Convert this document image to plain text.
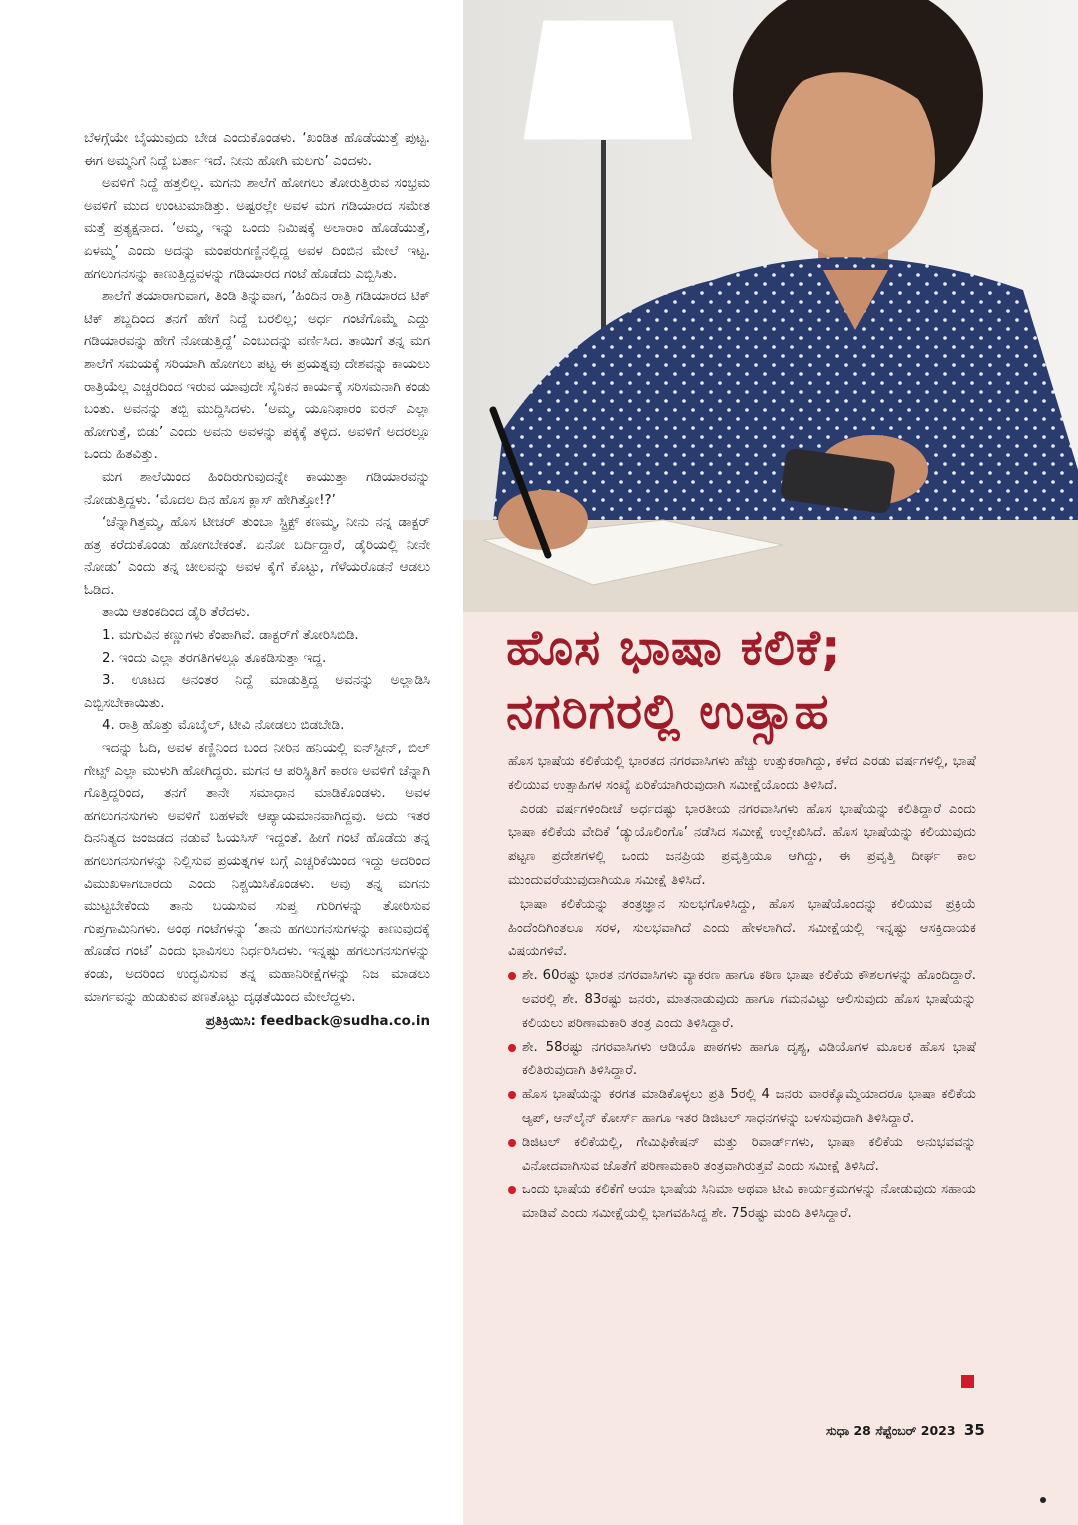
ಬೆಳಗ್ಗೆಯೇ ಬೈಯುವುದು ಬೇಡ ಎಂದುಕೊಂಡಳು. ‘ಖಂಡಿತ ಹೊಡೆಯುತ್ತೆ ಪುಟ್ಟ. ಈಗ ಅಮ್ಮನಿಗೆ ನಿದ್ದೆ ಬರ್ತಾ ಇದೆ. ನೀನು ಹೋಗಿ ಮಲಗು’ ಎಂದಳು.

ಅವಳಿಗೆ ನಿದ್ದೆ ಹತ್ತಲಿಲ್ಲ. ಮಗನು ಶಾಲೆಗೆ ಹೋಗಲು ತೋರುತ್ತಿರುವ ಸಂಭ್ರಮ ಅವಳಿಗೆ ಮುದ ಉಂಟುಮಾಡಿತ್ತು. ಅಷ್ಟರಲ್ಲೇ ಅವಳ ಮಗ ಗಡಿಯಾರದ ಸಮೇತ ಮತ್ತೆ ಪ್ರತ್ಯಕ್ಷನಾದ. ‘ಅಮ್ಮ, ಇನ್ನು ಒಂದು ನಿಮಿಷಕ್ಕೆ ಅಲಾರಾಂ ಹೊಡೆಯುತ್ತೆ, ಏಳಮ್ಮ’ ಎಂದು ಅದನ್ನು ಮಂಪರುಗಣ್ಣಿನಲ್ಲಿದ್ದ ಅವಳ ದಿಂಬಿನ ಮೇಲೆ ಇಟ್ಟ. ಹಗಲುಗನಸನ್ನು ಕಾಣುತ್ತಿದ್ದವಳನ್ನು ಗಡಿಯಾರದ ಗಂಟೆ ಹೊಡೆದು ಎಬ್ಬಿಸಿತು.

ಶಾಲೆಗೆ ತಯಾರಾಗುವಾಗ, ತಿಂಡಿ ತಿನ್ನುವಾಗ, ‘ಹಿಂದಿನ ರಾತ್ರಿ ಗಡಿಯಾರದ ಟಿಕ್ ಟಿಕ್ ಶಬ್ದದಿಂದ ತನಗೆ ಹೇಗೆ ನಿದ್ದೆ ಬರಲಿಲ್ಲ; ಅರ್ಧ ಗಂಟೆಗೊಮ್ಮೆ ಎದ್ದು ಗಡಿಯಾರವನ್ನು ಹೇಗೆ ನೋಡುತ್ತಿದ್ದೆ’ ಎಂಬುದನ್ನು ವರ್ಣಿಸಿದ. ತಾಯಿಗೆ ತನ್ನ ಮಗ ಶಾಲೆಗೆ ಸಮಯಕ್ಕೆ ಸರಿಯಾಗಿ ಹೋಗಲು ಪಟ್ಟ ಈ ಪ್ರಯತ್ನವು ದೇಶವನ್ನು ಕಾಯಲು ರಾತ್ರಿಯೆಲ್ಲ ಎಚ್ಚರದಿಂದ ಇರುವ ಯಾವುದೇ ಸೈನಿಕನ ಕಾರ್ಯಕ್ಕೆ ಸರಿಸಮನಾಗಿ ಕಂಡು ಬಂತು. ಅವನನ್ನು ತಬ್ಬಿ ಮುದ್ದಿಸಿದಳು. ‘ಅಮ್ಮ, ಯೂನಿಫಾರಂ ಐರನ್ ಎಲ್ಲಾ ಹೋಗುತ್ತೆ, ಬಿಡು’ ಎಂದು ಅವನು ಅವಳನ್ನು ಪಕ್ಕಕ್ಕೆ ತಳ್ಳಿದ. ಅವಳಿಗೆ ಅದರಲ್ಲೂ ಒಂದು ಹಿತವಿತ್ತು.

ಮಗ ಶಾಲೆಯಿಂದ ಹಿಂದಿರುಗುವುದನ್ನೇ ಕಾಯುತ್ತಾ ಗಡಿಯಾರವನ್ನು ನೋಡುತ್ತಿದ್ದಳು. ‘ಮೊದಲ ದಿನ ಹೊಸ ಕ್ಲಾಸ್ ಹೇಗಿತ್ತೋ!?’

‘ಚೆನ್ನಾಗಿತ್ತಮ್ಮ, ಹೊಸ ಟೀಚರ್ ತುಂಬಾ ಸ್ಟ್ರಿಕ್ಟ್ ಕಣಮ್ಮ, ನೀನು ನನ್ನ ಡಾಕ್ಟರ್ ಹತ್ರ ಕರೆದುಕೊಂಡು ಹೋಗಬೇಕಂತೆ. ಏನೋ ಬರ್ದಿದ್ದಾರೆ, ಡೈರಿಯಲ್ಲಿ ನೀನೇ ನೋಡು’ ಎಂದು ತನ್ನ ಚೀಲವನ್ನು ಅವಳ ಕೈಗೆ ಕೊಟ್ಟು, ಗೆಳೆಯರೊಡನೆ ಆಡಲು ಓಡಿದ.

ತಾಯಿ ಆತಂಕದಿಂದ ಡೈರಿ ತೆರೆದಳು.

1. ಮಗುವಿನ ಕಣ್ಣುಗಳು ಕೆಂಪಾಗಿವೆ. ಡಾಕ್ಟರ್‌ಗೆ ತೋರಿಸಿಬಿಡಿ.

2. ಇಂದು ಎಲ್ಲಾ ತರಗತಿಗಳಲ್ಲೂ ತೂಕಡಿಸುತ್ತಾ ಇದ್ದ.

3. ಊಟದ ಅನಂತರ ನಿದ್ದೆ ಮಾಡುತ್ತಿದ್ದ ಅವನನ್ನು ಅಲ್ಲಾಡಿಸಿ ಎಬ್ಬಿಸಬೇಕಾಯಿತು.

4. ರಾತ್ರಿ ಹೊತ್ತು ಮೊಬೈಲ್, ಟೀವಿ ನೋಡಲು ಬಿಡಬೇಡಿ.

ಇದನ್ನು ಓದಿ, ಅವಳ ಕಣ್ಣಿನಿಂದ ಬಂದ ನೀರಿನ ಹನಿಯಲ್ಲಿ ಐನ್‌ಸ್ಟೀನ್, ಬಿಲ್ ಗೇಟ್ಸ್ ಎಲ್ಲಾ ಮುಳುಗಿ ಹೋಗಿದ್ದರು. ಮಗನ ಆ ಪರಿಸ್ಥಿತಿಗೆ ಕಾರಣ ಅವಳಿಗೆ ಚೆನ್ನಾಗಿ ಗೊತ್ತಿದ್ದರಿಂದ, ತನಗೆ ತಾನೇ ಸಮಾಧಾನ ಮಾಡಿಕೊಂಡಳು. ಅವಳ ಹಗಲುಗನಸುಗಳು ಅವಳಿಗೆ ಬಹಳವೇ ಆಪ್ಯಾಯಮಾನವಾಗಿದ್ದವು. ಅದು ಇತರ ದಿನನಿತ್ಯದ ಜಂಜಡದ ನಡುವೆ ಓಯಸಿಸ್ ಇದ್ದಂತೆ. ಹೀಗೆ ಗಂಟೆ ಹೊಡೆದು ತನ್ನ ಹಗಲುಗನಸುಗಳನ್ನು ನಿಲ್ಲಿಸುವ ಪ್ರಯತ್ನಗಳ ಬಗ್ಗೆ ಎಚ್ಚರಿಕೆಯಿಂದ ಇದ್ದು ಅದರಿಂದ ವಿಮುಖಳಾಗಬಾರದು ಎಂದು ನಿಶ್ಚಯಿಸಿಕೊಂಡಳು. ಅವು ತನ್ನ ಮಗನು ಮುಟ್ಟಬೇಕೆಂದು ತಾನು ಬಯಸುವ ಸುಪ್ತ ಗುರಿಗಳನ್ನು ತೋರಿಸುವ ಗುಪ್ತಗಾಮಿನಿಗಳು. ಅಂಥ ಗಂಟೆಗಳನ್ನು ‘ತಾನು ಹಗಲುಗನಸುಗಳನ್ನು ಕಾಣುವುದಕ್ಕೆ ಹೊಡೆದ ಗಂಟೆ’ ಎಂದು ಭಾವಿಸಲು ನಿರ್ಧರಿಸಿದಳು. ಇನ್ನಷ್ಟು ಹಗಲುಗನಸುಗಳನ್ನು ಕಂಡು, ಅದರಿಂದ ಉದ್ಭವಿಸುವ ತನ್ನ ಮಹಾನಿರೀಕ್ಷೆಗಳನ್ನು ನಿಜ ಮಾಡಲು ಮಾರ್ಗವನ್ನು ಹುಡುಕುವ ಪಣತೊಟ್ಟು ದೃಢತೆಯಿಂದ ಮೇಲೆದ್ದಳು.

ಪ್ರತಿಕ್ರಿಯಿಸಿ: feedback@sudha.co.in

ಹೊಸ ಭಾಷಾ ಕಲಿಕೆ;
ನಗರಿಗರಲ್ಲಿ ಉತ್ಸಾಹ

ಹೊಸ ಭಾಷೆಯ ಕಲಿಕೆಯಲ್ಲಿ ಭಾರತದ ನಗರವಾಸಿಗಳು ಹೆಚ್ಚು ಉತ್ಸುಕರಾಗಿದ್ದು, ಕಳೆದ ಎರಡು ವರ್ಷಗಳಲ್ಲಿ, ಭಾಷೆ ಕಲಿಯುವ ಉತ್ಸಾಹಿಗಳ ಸಂಖ್ಯೆ ಏರಿಕೆಯಾಗಿರುವುದಾಗಿ ಸಮೀಕ್ಷೆಯೊಂದು ತಿಳಿಸಿದೆ.

ಎರಡು ವರ್ಷಗಳಿಂದೀಚೆ ಅರ್ಧದಷ್ಟು ಭಾರತೀಯ ನಗರವಾಸಿಗಳು ಹೊಸ ಭಾಷೆಯನ್ನು ಕಲಿತಿದ್ದಾರೆ ಎಂದು ಭಾಷಾ ಕಲಿಕೆಯ ವೇದಿಕೆ ‘ಡ್ಯುಯೊಲಿಂಗೊ’ ನಡೆಸಿದ ಸಮೀಕ್ಷೆ ಉಲ್ಲೇಖಿಸಿದೆ. ಹೊಸ ಭಾಷೆಯನ್ನು ಕಲಿಯುವುದು ಪಟ್ಟಣ ಪ್ರದೇಶಗಳಲ್ಲಿ ಒಂದು ಜನಪ್ರಿಯ ಪ್ರವೃತ್ತಿಯೂ ಆಗಿದ್ದು, ಈ ಪ್ರವೃತ್ತಿ ದೀರ್ಘ ಕಾಲ ಮುಂದುವರೆಯುವುದಾಗಿಯೂ ಸಮೀಕ್ಷೆ ತಿಳಿಸಿದೆ.

ಭಾಷಾ ಕಲಿಕೆಯನ್ನು ತಂತ್ರಜ್ಞಾನ ಸುಲಭಗೊಳಿಸಿದ್ದು, ಹೊಸ ಭಾಷೆಯೊಂದನ್ನು ಕಲಿಯುವ ಪ್ರಕ್ರಿಯೆ ಹಿಂದೆಂದಿಗಿಂತಲೂ ಸರಳ, ಸುಲಭವಾಗಿದೆ ಎಂದು ಹೇಳಲಾಗಿದೆ. ಸಮೀಕ್ಷೆಯಲ್ಲಿ ಇನ್ನಷ್ಟು ಆಸಕ್ತಿದಾಯಕ ವಿಷಯಗಳಿವೆ.

ಶೇ. 60ರಷ್ಟು ಭಾರತ ನಗರವಾಸಿಗಳು ವ್ಯಾಕರಣ ಹಾಗೂ ಕಠಿಣ ಭಾಷಾ ಕಲಿಕೆಯ ಕೌಶಲಗಳನ್ನು ಹೊಂದಿದ್ದಾರೆ. ಅವರಲ್ಲಿ ಶೇ. 83ರಷ್ಟು ಜನರು, ಮಾತನಾಡುವುದು ಹಾಗೂ ಗಮನವಿಟ್ಟು ಆಲಿಸುವುದು ಹೊಸ ಭಾಷೆಯನ್ನು ಕಲಿಯಲು ಪರಿಣಾಮಕಾರಿ ತಂತ್ರ ಎಂದು ತಿಳಿಸಿದ್ದಾರೆ.
ಶೇ. 58ರಷ್ಟು ನಗರವಾಸಿಗಳು ಆಡಿಯೊ ಪಾಠಗಳು ಹಾಗೂ ದೃಶ್ಯ, ವಿಡಿಯೊಗಳ ಮೂಲಕ ಹೊಸ ಭಾಷೆ ಕಲಿತಿರುವುದಾಗಿ ತಿಳಿಸಿದ್ದಾರೆ.
ಹೊಸ ಭಾಷೆಯನ್ನು ಕರಗತ ಮಾಡಿಕೊಳ್ಳಲು ಪ್ರತಿ 5ರಲ್ಲಿ 4 ಜನರು ವಾರಕ್ಕೊಮ್ಮೆಯಾದರೂ ಭಾಷಾ ಕಲಿಕೆಯ ಆ್ಯಪ್, ಆನ್‌ಲೈನ್ ಕೋರ್ಸ್ ಹಾಗೂ ಇತರ ಡಿಜಿಟಲ್ ಸಾಧನಗಳನ್ನು ಬಳಸುವುದಾಗಿ ತಿಳಿಸಿದ್ದಾರೆ.
ಡಿಜಿಟಲ್ ಕಲಿಕೆಯಲ್ಲಿ, ಗೇಮಿಫಿಕೇಷನ್ ಮತ್ತು ರಿವಾರ್ಡ್‌ಗಳು, ಭಾಷಾ ಕಲಿಕೆಯ ಅನುಭವವನ್ನು ವಿನೋದವಾಗಿಸುವ ಜೊತೆಗೆ ಪರಿಣಾಮಕಾರಿ ತಂತ್ರವಾಗಿರುತ್ತವೆ ಎಂದು ಸಮೀಕ್ಷೆ ತಿಳಿಸಿದೆ.
ಒಂದು ಭಾಷೆಯ ಕಲಿಕೆಗೆ ಆಯಾ ಭಾಷೆಯ ಸಿನಿಮಾ ಅಥವಾ ಟೀವಿ ಕಾರ್ಯಕ್ರಮಗಳನ್ನು ನೋಡುವುದು ಸಹಾಯ ಮಾಡಿವೆ ಎಂದು ಸಮೀಕ್ಷೆಯಲ್ಲಿ ಭಾಗವಹಿಸಿದ್ದ ಶೇ. 75ರಷ್ಟು ಮಂದಿ ತಿಳಿಸಿದ್ದಾರೆ.
ಸುಧಾ 28 ಸೆಪ್ಟೆಂಬರ್ 2023 35
